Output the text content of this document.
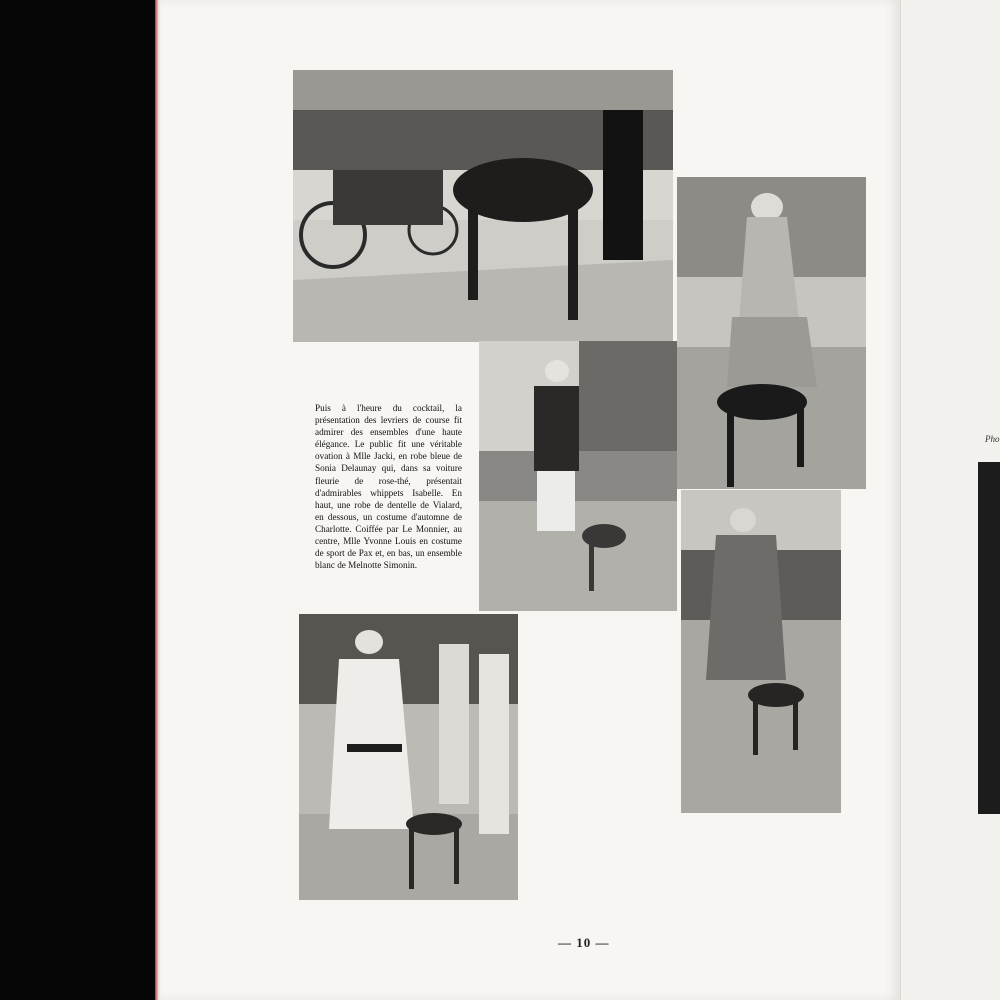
Pho

Puis à l'heure du cocktail, la présentation des levriers de course fit admirer des ensembles d'une haute élégance. Le public fit une véritable ovation à Mlle Jacki, en robe bleue de Sonia Delaunay qui, dans sa voiture fleurie de rose-thé, présentait d'admirables whippets Isabelle. En haut, une robe de dentelle de Vialard, en dessous, un costume d'automne de Charlotte. Coiffée par Le Monnier, au centre, Mlle Yvonne Louis en costume de sport de Pax et, en bas, un ensemble blanc de Melnotte Simonin.

— 10 —
